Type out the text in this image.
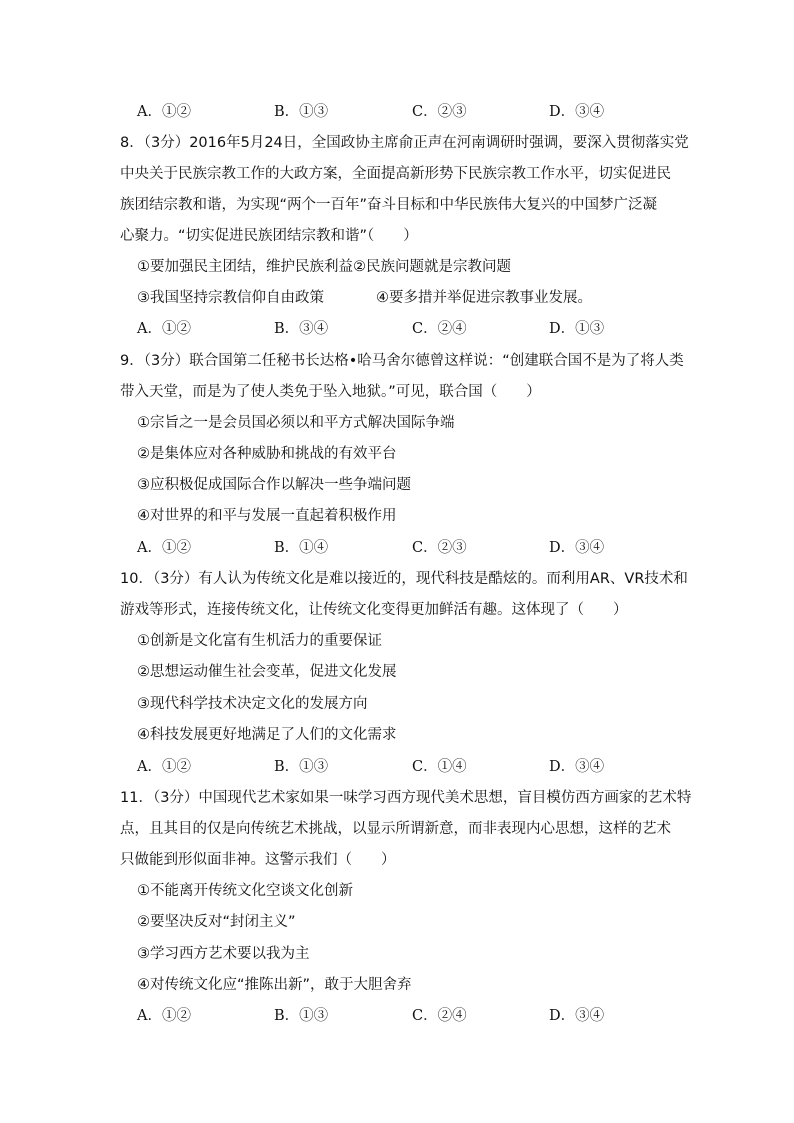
A．①②	B．①③	C．②③	D．③④
8．（3分）2016年5月24日，全国政协主席俞正声在河南调研时强调，要深入贯彻落实党
中央关于民族宗教工作的大政方案，全面提高新形势下民族宗教工作水平，切实促进民
族团结宗教和谐，为实现“两个一百年”奋斗目标和中华民族伟大复兴的中国梦广泛凝
心聚力。“切实促进民族团结宗教和谐”（　　）
①要加强民主团结，维护民族利益②民族问题就是宗教问题
③我国坚持宗教信仰自由政策	④要多措并举促进宗教事业发展。
A．①②	B．③④	C．②④	D．①③
9．（3分）联合国第二任秘书长达格•哈马舍尔德曾这样说：“创建联合国不是为了将人类
带入天堂，而是为了使人类免于坠入地狱。”可见，联合国（　　）
①宗旨之一是会员国必须以和平方式解决国际争端
②是集体应对各种威胁和挑战的有效平台
③应积极促成国际合作以解决一些争端问题
④对世界的和平与发展一直起着积极作用
A．①②	B．①④	C．②③	D．③④
10．（3分）有人认为传统文化是难以接近的，现代科技是酷炫的。而利用AR、VR技术和
游戏等形式，连接传统文化，让传统文化变得更加鲜活有趣。这体现了（　　）
①创新是文化富有生机活力的重要保证
②思想运动催生社会变革，促进文化发展
③现代科学技术决定文化的发展方向
④科技发展更好地满足了人们的文化需求
A．①②	B．①③	C．①④	D．③④
11．（3分）中国现代艺术家如果一味学习西方现代美术思想，盲目模仿西方画家的艺术特
点，且其目的仅是向传统艺术挑战，以显示所谓新意，而非表现内心思想，这样的艺术
只做能到形似面非神。这警示我们（　　）
①不能离开传统文化空谈文化创新
②要坚决反对“封闭主义”
③学习西方艺术要以我为主
④对传统文化应“推陈出新”，敢于大胆舍弃
A．①②	B．①③	C．②④	D．③④
